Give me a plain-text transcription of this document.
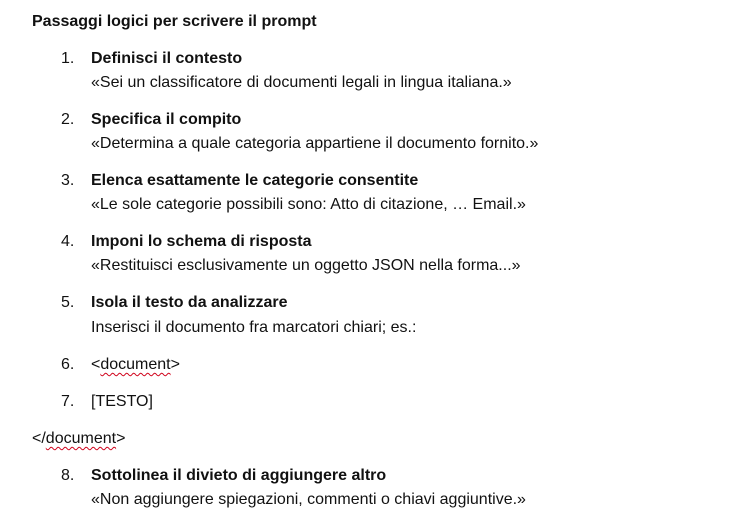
Passaggi logici per scrivere il prompt
1.	Definisci il contesto
«Sei un classificatore di documenti legali in lingua italiana.»
2.	Specifica il compito
«Determina a quale categoria appartiene il documento fornito.»
3.	Elenca esattamente le categorie consentite
«Le sole categorie possibili sono: Atto di citazione, … Email.»
4.	Imponi lo schema di risposta
«Restituisci esclusivamente un oggetto JSON nella forma...»
5.	Isola il testo da analizzare
Inserisci il documento fra marcatori chiari; es.:
6.	<document>
7.	[TESTO]
</document>
8.	Sottolinea il divieto di aggiungere altro
«Non aggiungere spiegazioni, commenti o chiavi aggiuntive.»
